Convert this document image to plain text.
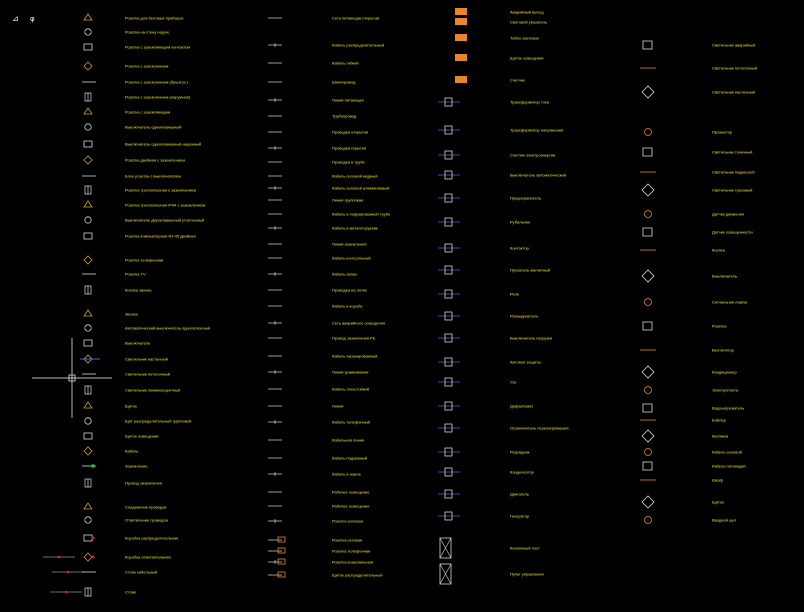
⊿ φ	Розетка для бытовых приборов
Розетка на стену наруж.
Розетка с заземляющим контактом
Розетка с заземлением
Розетка с заземлением (брызгоз.)
Розетка с заземлением (наружная)
Розетка с заземляющим
Выключатель одноклавишный
Выключатель одноклавишный наружный
Розетка двойная с заземлением
Блок розеток с выключателем
Розетка трехполюсная с заземлением
Розетка трехполюсная IP44 с заземлением
Выключатель двухклавишный утопленный
Розетка компьютерная RJ-45 двойная
Розетка телефонная
Розетка TV
Кнопка звонка
Звонок
Автоматический выключатель однополюсный
Выключатель
Светильник настенный
Светильник потолочный
Светильник люминесцентный
Щиток
Щит распределительный групповой
Щиток освещения
Кабель
Заземление
Провод заземления
Соединение проводов
Ответвление проводов
Коробка распределительная
Коробка ответвительная
Стояк кабельный
Стояк
Сеть питающая открытая
Кабель распределительный
Кабель гибкий
Шинопровод
Линия питающая
Трубопровод
Проводка открытая
Проводка скрытая
Проводка в трубе
Кабель силовой медный
Кабель силовой алюминиевый
Линия групповая
Кабель в гофрированной трубе
Кабель в металлорукаве
Линия заземления
Кабель контрольный
Кабель связи
Проводка на лотке
Кабель в коробе
Сеть аварийного освещения
Провод заземления РЕ
Кабель экранированный
Линия уравнивания
Кабель огнестойкий
Линия
Кабель телефонный
Кабельная линия
Кабель подземный
Кабель в земле
Рабочее освещение
Рабочее освещение
Розетка силовая
Розетка сетевая
Розетка телефонная
Розетка коаксиальная
Щиток распределительный
Аварийный выход
Световой указатель
Табло световое
Щиток освещения
Счетчик
Трансформатор тока
Трансформатор напряжения
Счетчик электроэнергии
Выключатель автоматический
Предохранитель
Рубильник
Контактор
Пускатель магнитный
Реле
Разъединитель
Выключатель нагрузки
Автомат защиты
Узо
Дифавтомат
Ограничитель перенапряжения
Разрядник
Конденсатор
Двигатель
Генератор
Кнопочный пост
Пульт управления
Светильник аварийный
Светильник потолочный
Светильник настенный
Прожектор
Светильник точечный
Светильник подвесной
Светильник трековый
Датчик движения
Датчик освещенности
Кнопка
Выключатель
Сигнальная лампа
Розетка
Вентилятор
Кондиционер
Электроплита
Водонагреватель
Бойлер
Вытяжка
Кабель силовой
Кабель питающий
Шкаф
Щиток
Вводной щит
